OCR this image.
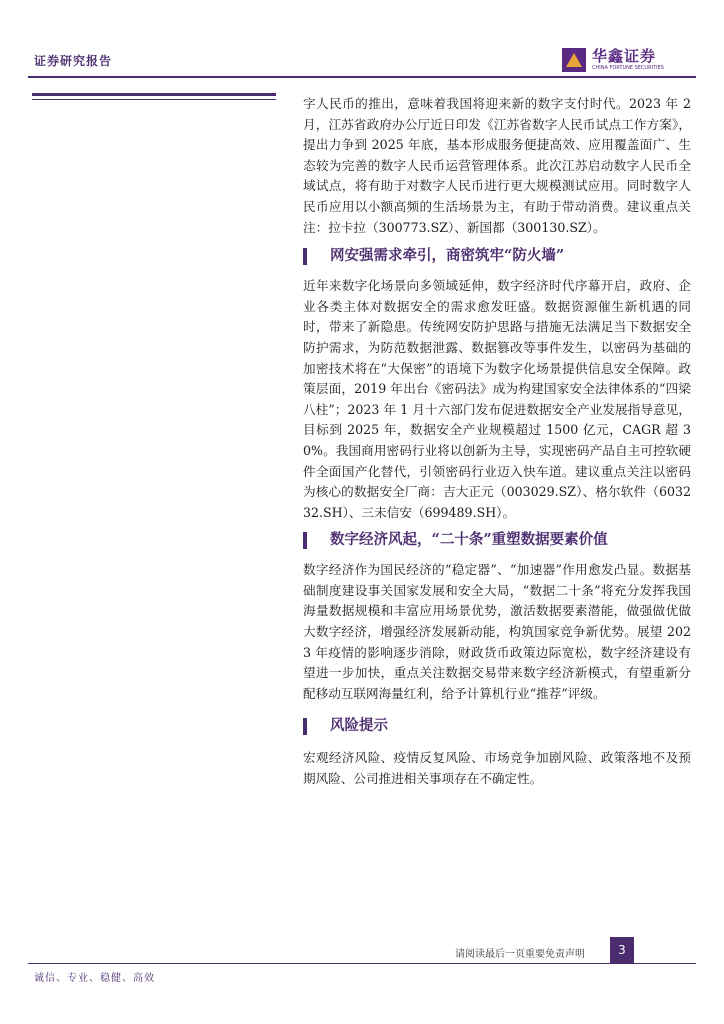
证券研究报告	华鑫证券
CHINA FORTUNE SECURITIES

字人民币的推出，意味着我国将迎来新的数字支付时代。2023 年 2 月，江苏省政府办公厅近日印发《江苏省数字人民币试点工作方案》，提出力争到 2025 年底，基本形成服务便捷高效、应用覆盖面广、生态较为完善的数字人民币运营管理体系。此次江苏启动数字人民币全域试点，将有助于对数字人民币进行更大规模测试应用。同时数字人民币应用以小额高频的生活场景为主，有助于带动消费。建议重点关注：拉卡拉（300773.SZ）、新国都（300130.SZ）。

网安强需求牵引，商密筑牢“防火墙”

近年来数字化场景向多领域延伸，数字经济时代序幕开启，政府、企业各类主体对数据安全的需求愈发旺盛。数据资源催生新机遇的同时，带来了新隐患。传统网安防护思路与措施无法满足当下数据安全防护需求，为防范数据泄露、数据篡改等事件发生，以密码为基础的加密技术将在“大保密”的语境下为数字化场景提供信息安全保障。政策层面，2019 年出台《密码法》成为构建国家安全法律体系的“四梁八柱”；2023 年 1 月十六部门发布促进数据安全产业发展指导意见，目标到 2025 年，数据安全产业规模超过 1500 亿元，CAGR 超 30%。我国商用密码行业将以创新为主导，实现密码产品自主可控软硬件全面国产化替代，引领密码行业迈入快车道。建议重点关注以密码为核心的数据安全厂商：吉大正元（003029.SZ）、格尔软件（603232.SH）、三未信安（699489.SH）。

数字经济风起，“二十条”重塑数据要素价值

数字经济作为国民经济的“稳定器”、“加速器”作用愈发凸显。数据基础制度建设事关国家发展和安全大局，“数据二十条”将充分发挥我国海量数据规模和丰富应用场景优势，激活数据要素潜能，做强做优做大数字经济，增强经济发展新动能，构筑国家竞争新优势。展望 2023 年疫情的影响逐步消除，财政货币政策边际宽松，数字经济建设有望进一步加快，重点关注数据交易带来数字经济新模式，有望重新分配移动互联网海量红利，给予计算机行业“推荐”评级。

风险提示

宏观经济风险、疫情反复风险、市场竞争加剧风险、政策落地不及预期风险、公司推进相关事项存在不确定性。

请阅读最后一页重要免责声明	3
诚信、专业、稳健、高效
